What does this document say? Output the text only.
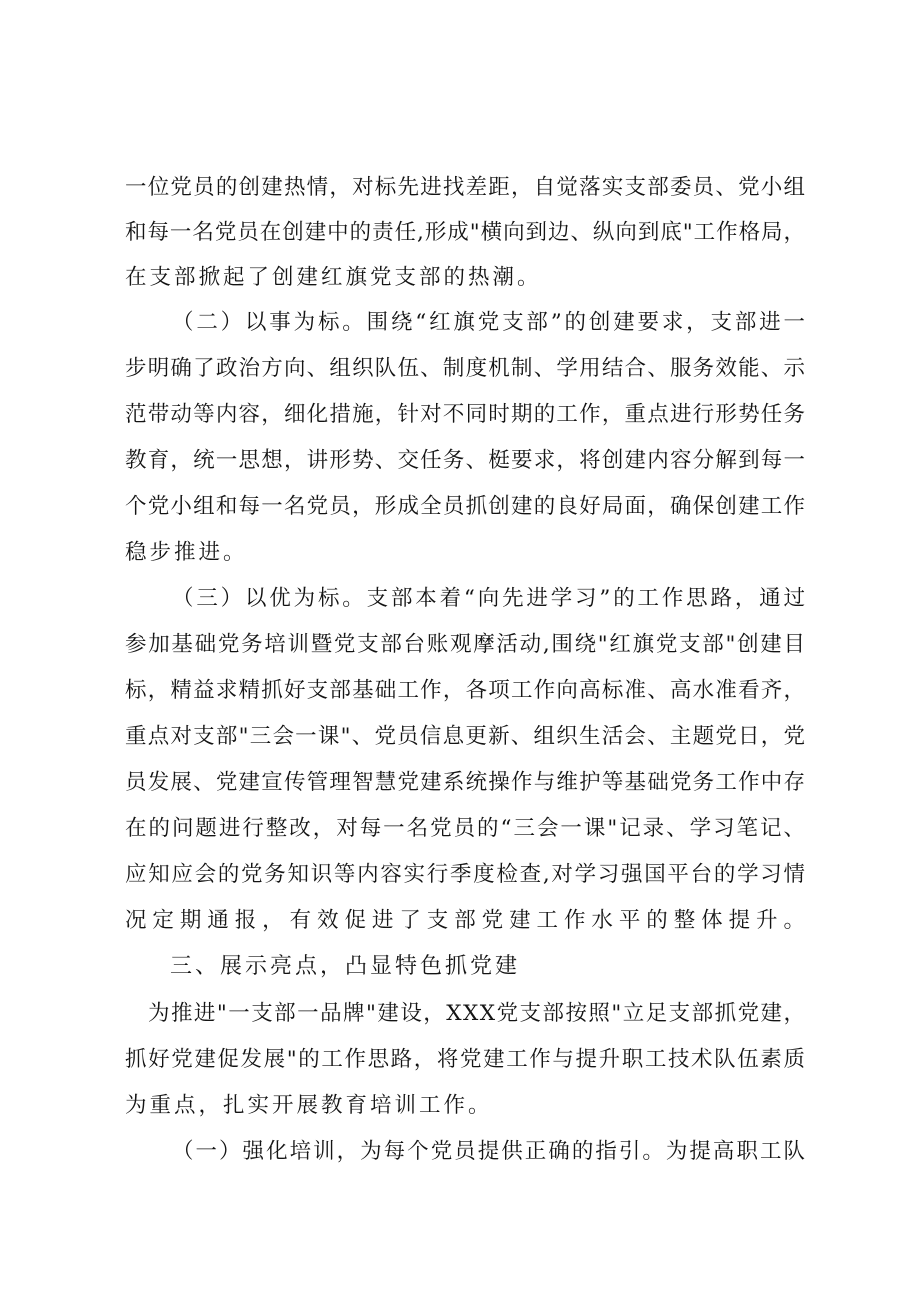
一位党员的创建热情，对标先进找差距，自觉落实支部委员、党小组
和每一名党员在创建中的责任,形成"横向到边、纵向到底"工作格局，
在支部掀起了创建红旗党支部的热潮。
（二）以事为标。围绕“红旗党支部”的创建要求，支部进一
步明确了政治方向、组织队伍、制度机制、学用结合、服务效能、示
范带动等内容，细化措施，针对不同时期的工作，重点进行形势任务
教育，统一思想，讲形势、交任务、梃要求，将创建内容分解到每一
个党小组和每一名党员，形成全员抓创建的良好局面，确保创建工作
稳步推进。
（三）以优为标。支部本着“向先进学习”的工作思路，通过
参加基础党务培训暨党支部台账观摩活动,围绕"红旗党支部"创建目
标，精益求精抓好支部基础工作，各项工作向高标准、高水准看齐，
重点对支部"三会一课"、党员信息更新、组织生活会、主题党日，党
员发展、党建宣传管理智慧党建系统操作与维护等基础党务工作中存
在的问题进行整改，对每一名党员的“三会一课"记录、学习笔记、
应知应会的党务知识等内容实行季度检查,对学习强国平台的学习情
况定期通报，有效促进了支部党建工作水平的整体提升。
三、展示亮点，凸显特色抓党建
为推进"一支部一品牌"建设，XXX党支部按照"立足支部抓党建，
抓好党建促发展"的工作思路，将党建工作与提升职工技术队伍素质
为重点，扎实开展教育培训工作。
（一）强化培训，为每个党员提供正确的指引。为提高职工队
